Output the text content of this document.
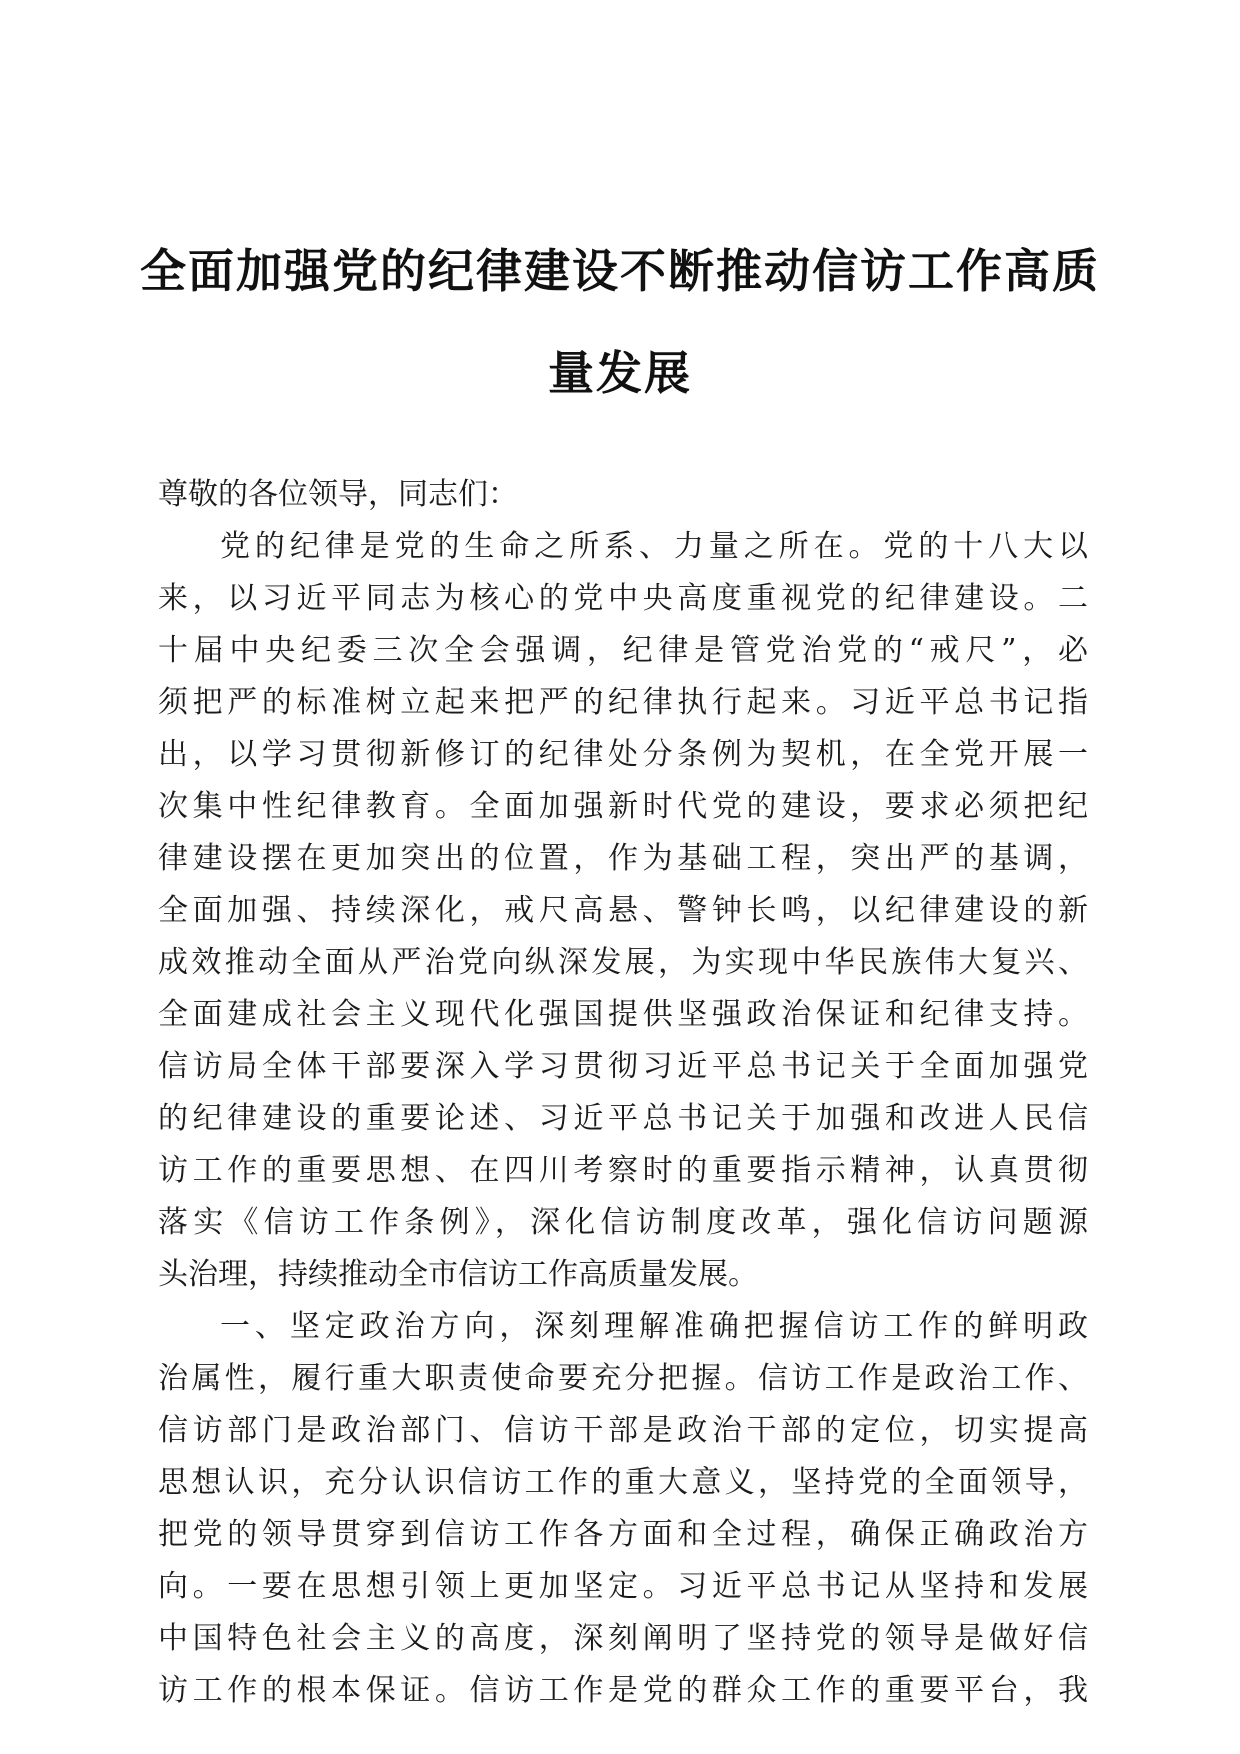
全面加强党的纪律建设不断推动信访工作高质
量发展
尊敬的各位领导，同志们：
党的纪律是党的生命之所系、力量之所在。党的十八大以
来，以习近平同志为核心的党中央高度重视党的纪律建设。二
十届中央纪委三次全会强调，纪律是管党治党的“戒尺”，必
须把严的标准树立起来把严的纪律执行起来。习近平总书记指
出，以学习贯彻新修订的纪律处分条例为契机，在全党开展一
次集中性纪律教育。全面加强新时代党的建设，要求必须把纪
律建设摆在更加突出的位置，作为基础工程，突出严的基调，
全面加强、持续深化，戒尺高悬、警钟长鸣，以纪律建设的新
成效推动全面从严治党向纵深发展，为实现中华民族伟大复兴、
全面建成社会主义现代化强国提供坚强政治保证和纪律支持。
信访局全体干部要深入学习贯彻习近平总书记关于全面加强党
的纪律建设的重要论述、习近平总书记关于加强和改进人民信
访工作的重要思想、在四川考察时的重要指示精神，认真贯彻
落实《信访工作条例》，深化信访制度改革，强化信访问题源
头治理，持续推动全市信访工作高质量发展。
一、坚定政治方向，深刻理解准确把握信访工作的鲜明政
治属性，履行重大职责使命要充分把握。信访工作是政治工作、
信访部门是政治部门、信访干部是政治干部的定位，切实提高
思想认识，充分认识信访工作的重大意义，坚持党的全面领导，
把党的领导贯穿到信访工作各方面和全过程，确保正确政治方
向。一要在思想引领上更加坚定。习近平总书记从坚持和发展
中国特色社会主义的高度，深刻阐明了坚持党的领导是做好信
访工作的根本保证。信访工作是党的群众工作的重要平台，我
